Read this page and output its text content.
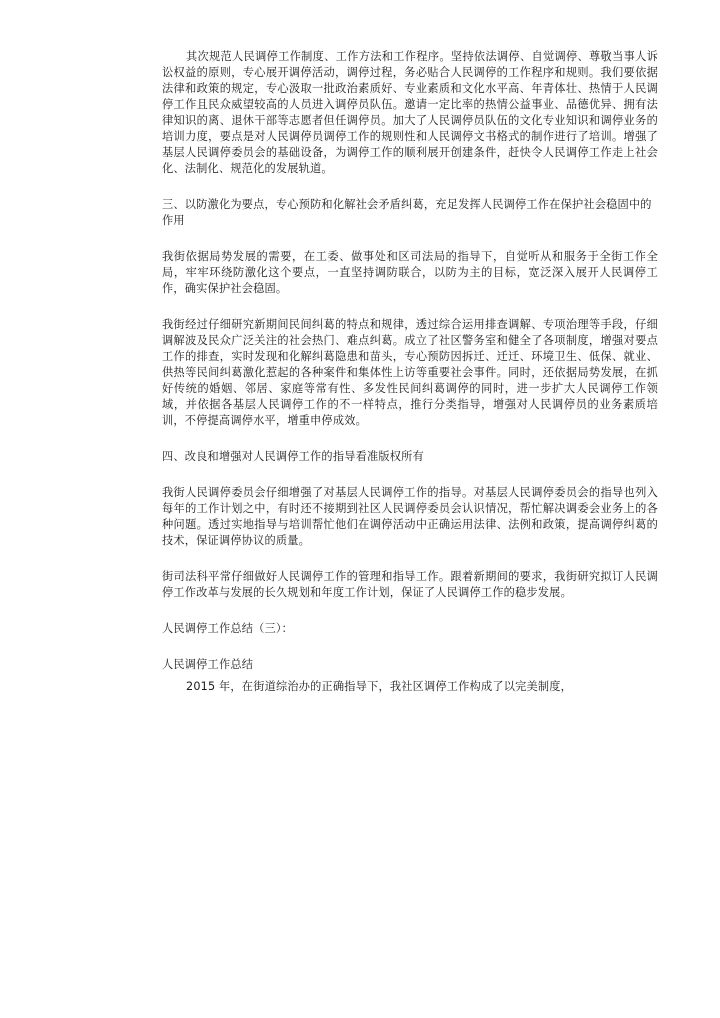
其次规范人民调停工作制度、工作方法和工作程序。坚持依法调停、自觉调停、尊敬当事人诉讼权益的原则，专心展开调停活动，调停过程，务必贴合人民调停的工作程序和规则。我们要依据法律和政策的规定，专心汲取一批政治素质好、专业素质和文化水平高、年青体壮、热情于人民调停工作且民众威望较高的人员进入调停员队伍。邀请一定比率的热情公益事业、品德优异、拥有法律知识的离、退休干部等志愿者但任调停员。加大了人民调停员队伍的文化专业知识和调停业务的培训力度，要点是对人民调停员调停工作的规则性和人民调停文书格式的制作进行了培训。增强了基层人民调停委员会的基础设备，为调停工作的顺利展开创建条件，赶快令人民调停工作走上社会化、法制化、规范化的发展轨道。

三、以防激化为要点，专心预防和化解社会矛盾纠葛，充足发挥人民调停工作在保护社会稳固中的作用

我街依据局势发展的需要，在工委、做事处和区司法局的指导下，自觉听从和服务于全街工作全局，牢牢环绕防激化这个要点，一直坚持调防联合，以防为主的目标，宽泛深入展开人民调停工作，确实保护社会稳固。

我街经过仔细研究新期间民间纠葛的特点和规律，透过综合运用排查调解、专项治理等手段，仔细调解波及民众广泛关注的社会热门、难点纠葛。成立了社区警务室和健全了各项制度，增强对要点工作的排查，实时发现和化解纠葛隐患和苗头，专心预防因拆迁、迁迁、环境卫生、低保、就业、供热等民间纠葛激化惹起的各种案件和集体性上访等重要社会事件。同时，还依据局势发展，在抓好传统的婚姻、邻居、家庭等常有性、多发性民间纠葛调停的同时，进一步扩大人民调停工作领域，并依据各基层人民调停工作的不一样特点，推行分类指导，增强对人民调停员的业务素质培训，不停提高调停水平，增重申停成效。

四、改良和增强对人民调停工作的指导看准版权所有

我街人民调停委员会仔细增强了对基层人民调停工作的指导。对基层人民调停委员会的指导也列入每年的工作计划之中，有时还不接期到社区人民调停委员会认识情况，帮忙解决调委会业务上的各种问题。透过实地指导与培训帮忙他们在调停活动中正确运用法律、法例和政策，提高调停纠葛的技术，保证调停协议的质量。

街司法科平常仔细做好人民调停工作的管理和指导工作。跟着新期间的要求，我街研究拟订人民调停工作改革与发展的长久规划和年度工作计划，保证了人民调停工作的稳步发展。

人民调停工作总结（三）：

人民调停工作总结

2015 年，在街道综治办的正确指导下，我社区调停工作构成了以完美制度，
